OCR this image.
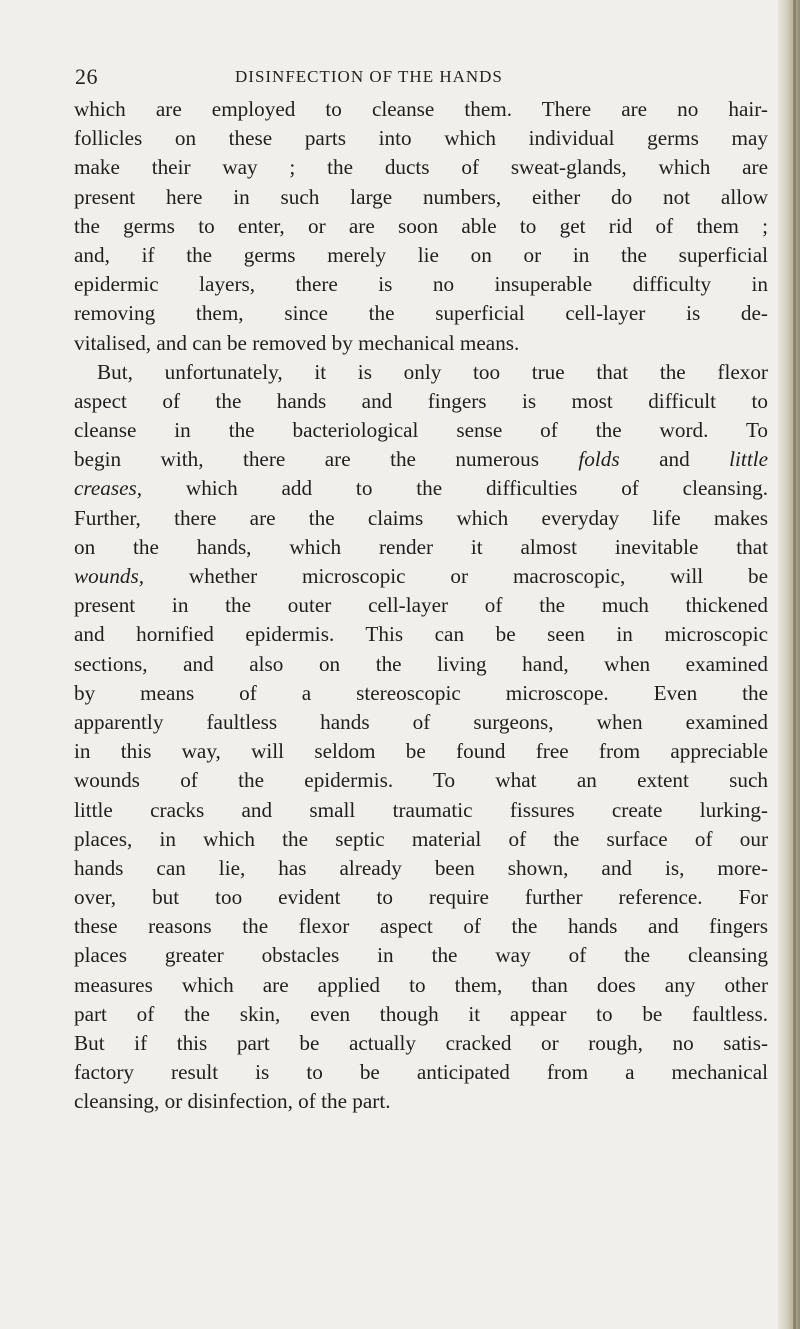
26	DISINFECTION OF THE HANDS
which are employed to cleanse them. There are no hair-
follicles on these parts into which individual germs may
make their way ; the ducts of sweat-glands, which are
present here in such large numbers, either do not allow
the germs to enter, or are soon able to get rid of them ;
and, if the germs merely lie on or in the superficial
epidermic layers, there is no insuperable difficulty in
removing them, since the superficial cell-layer is de-
vitalised, and can be removed by mechanical means.
But, unfortunately, it is only too true that the flexor
aspect of the hands and fingers is most difficult to
cleanse in the bacteriological sense of the word. To
begin with, there are the numerous folds and little
creases, which add to the difficulties of cleansing.
Further, there are the claims which everyday life makes
on the hands, which render it almost inevitable that
wounds, whether microscopic or macroscopic, will be
present in the outer cell-layer of the much thickened
and hornified epidermis. This can be seen in microscopic
sections, and also on the living hand, when examined
by means of a stereoscopic microscope. Even the
apparently faultless hands of surgeons, when examined
in this way, will seldom be found free from appreciable
wounds of the epidermis. To what an extent such
little cracks and small traumatic fissures create lurking-
places, in which the septic material of the surface of our
hands can lie, has already been shown, and is, more-
over, but too evident to require further reference. For
these reasons the flexor aspect of the hands and fingers
places greater obstacles in the way of the cleansing
measures which are applied to them, than does any other
part of the skin, even though it appear to be faultless.
But if this part be actually cracked or rough, no satis-
factory result is to be anticipated from a mechanical
cleansing, or disinfection, of the part.
